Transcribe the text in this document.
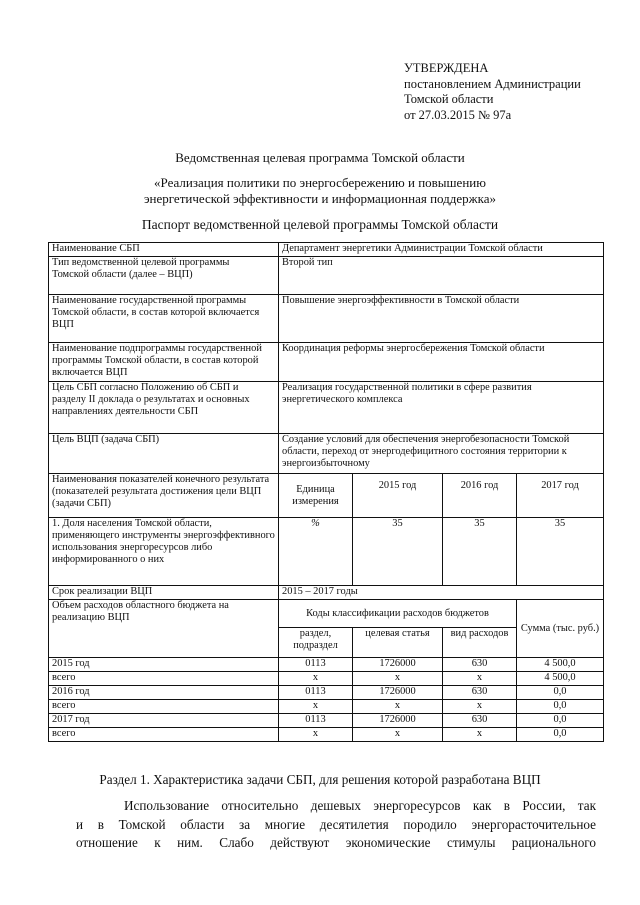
УТВЕРЖДЕНА
постановлением Администрации
Томской области
от 27.03.2015 № 97а
Ведомственная целевая программа Томской области
«Реализация политики по энергосбережению и повышению
энергетической эффективности и информационная поддержка»
Паспорт ведомственной целевой программы Томской области
Наименование СБП	Департамент энергетики Администрации Томской области			
Тип ведомственной целевой программы Томской области (далее – ВЦП)	Второй тип			
Наименование государственной программы Томской области, в состав которой включается ВЦП	Повышение энергоэффективности в Томской области			
Наименование подпрограммы государственной программы Томской области, в состав которой включается ВЦП	Координация реформы энергосбережения Томской области			
Цель СБП согласно Положению об СБП и разделу II доклада о результатах и основных направлениях деятельности СБП	Реализация государственной политики в сфере развития энергетического комплекса			
Цель ВЦП (задача СБП)	Создание условий для обеспечения энергобезопасности Томской области, переход от энергодефицитного состояния территории к энергоизбыточному			
Наименования показателей конечного результата (показателей результата достижения цели ВЦП (задачи СБП)	Единица измерения	2015 год	2016 год	2017 год
1. Доля населения Томской области, применяющего инструменты энергоэффективного использования энергоресурсов либо информированного о них	%	35	35	35
Срок реализации ВЦП	2015 – 2017 годы			
Объем расходов областного бюджета на реализацию ВЦП	Коды классификации расходов бюджетов			Сумма (тыс. руб.)
	раздел, подраздел	целевая статья	вид расходов	
2015 год	0113	1726000	630	4 500,0
всего	х	х	х	4 500,0
2016 год	0113	1726000	630	0,0
всего	х	х	х	0,0
2017 год	0113	1726000	630	0,0
всего	х	х	х	0,0
Раздел 1. Характеристика задачи СБП, для решения которой разработана ВЦП
Использование относительно дешевых энергоресурсов как в России, так
и в Томской области за многие десятилетия породило энергорасточительное
отношение к ним. Слабо действуют экономические стимулы рационального
